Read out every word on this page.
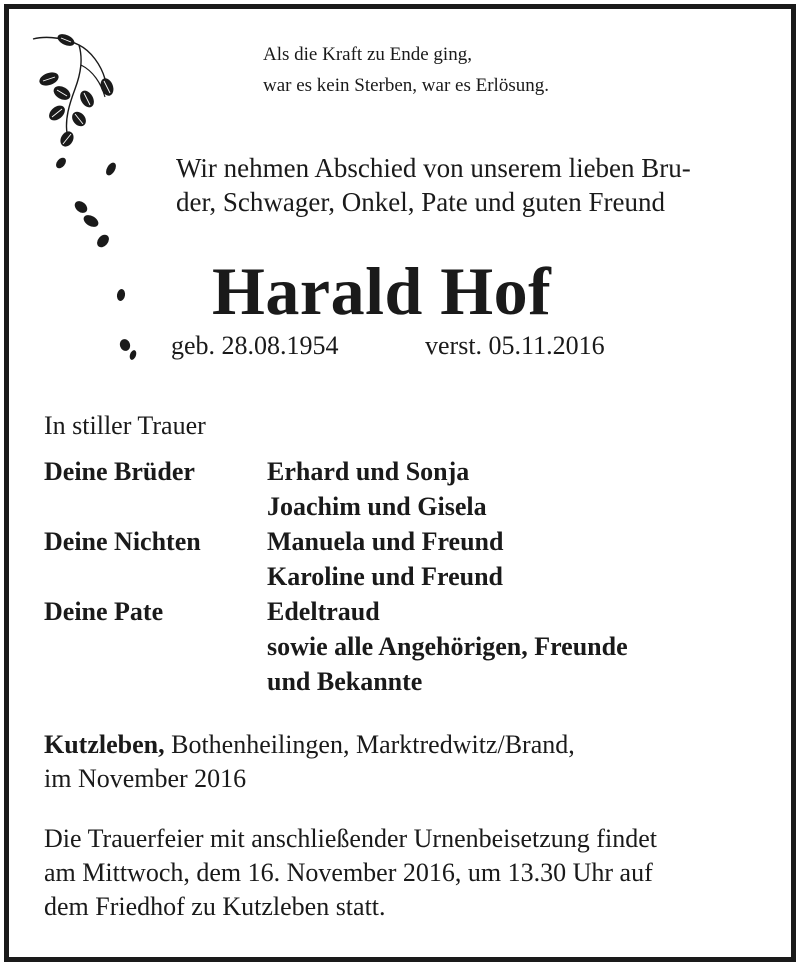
Als die Kraft zu Ende ging,
war es kein Sterben, war es Erlösung.
Wir nehmen Abschied von unserem lieben Bru-
der, Schwager, Onkel, Pate und guten Freund
Harald Hof
geb. 28.08.1954	verst. 05.11.2016
In stiller Trauer
Deine Brüder	Erhard und Sonja
Joachim und Gisela
Deine Nichten	Manuela und Freund
Karoline und Freund
Deine Pate	Edeltraud
sowie alle Angehörigen, Freunde
und Bekannte
Kutzleben, Bothenheilingen, Marktredwitz/Brand,
im November 2016
Die Trauerfeier mit anschließender Urnenbeisetzung findet
am Mittwoch, dem 16. November 2016, um 13.30 Uhr auf
dem Friedhof zu Kutzleben statt.
